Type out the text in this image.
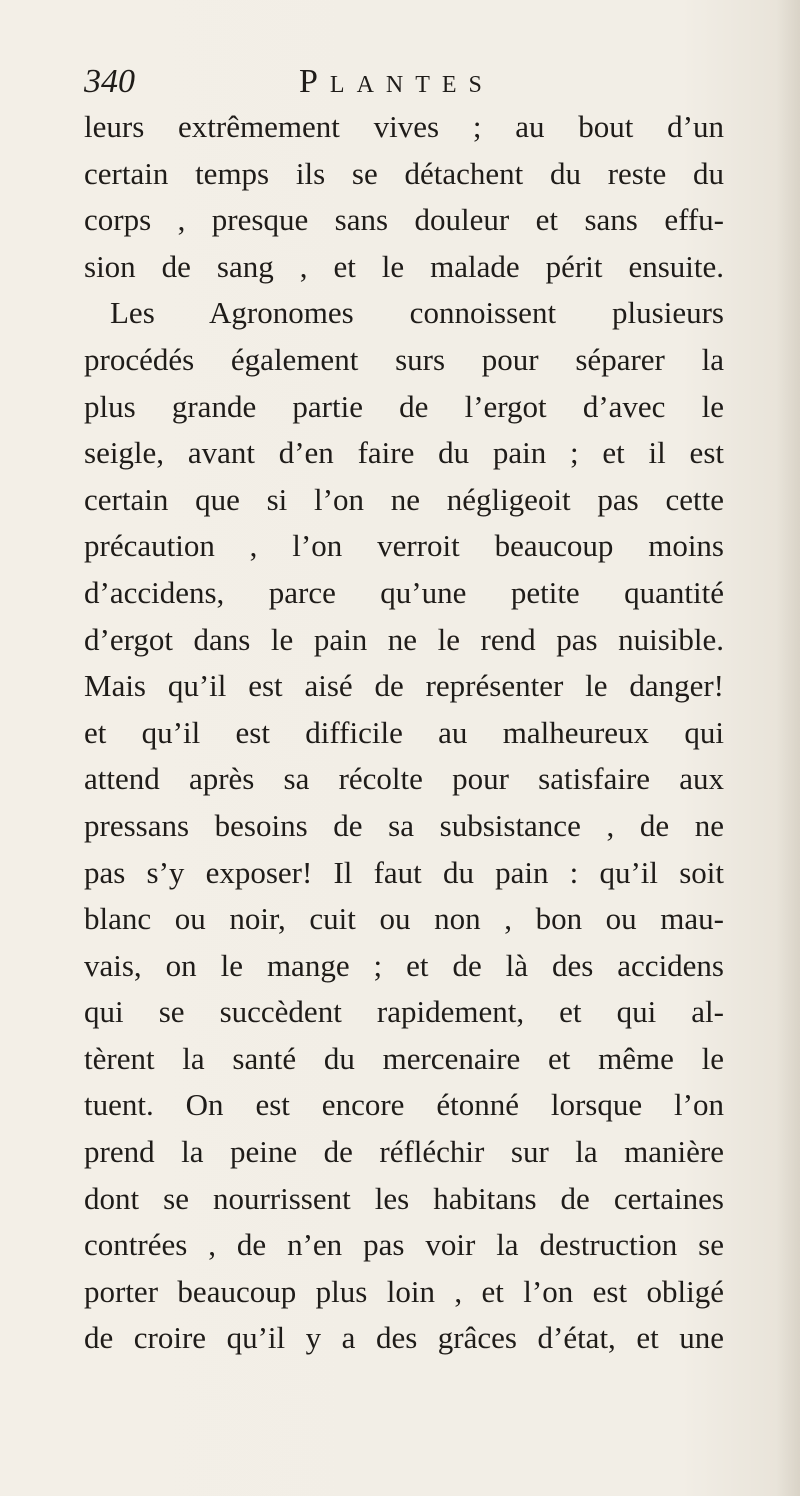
340	Plantes
leurs extrêmement vives ; au bout d’un
certain temps ils se détachent du reste du
corps , presque sans douleur et sans effu-
sion de sang , et le malade périt ensuite.
Les Agronomes connoissent plusieurs
procédés également surs pour séparer la
plus grande partie de l’ergot d’avec le
seigle, avant d’en faire du pain ; et il est
certain que si l’on ne négligeoit pas cette
précaution , l’on verroit beaucoup moins
d’accidens, parce qu’une petite quantité
d’ergot dans le pain ne le rend pas nuisible.
Mais qu’il est aisé de représenter le danger!
et qu’il est difficile au malheureux qui
attend après sa récolte pour satisfaire aux
pressans besoins de sa subsistance , de ne
pas s’y exposer! Il faut du pain : qu’il soit
blanc ou noir, cuit ou non , bon ou mau-
vais, on le mange ; et de là des accidens
qui se succèdent rapidement, et qui al-
tèrent la santé du mercenaire et même le
tuent. On est encore étonné lorsque l’on
prend la peine de réfléchir sur la manière
dont se nourrissent les habitans de certaines
contrées , de n’en pas voir la destruction se
porter beaucoup plus loin , et l’on est obligé
de croire qu’il y a des grâces d’état, et une
